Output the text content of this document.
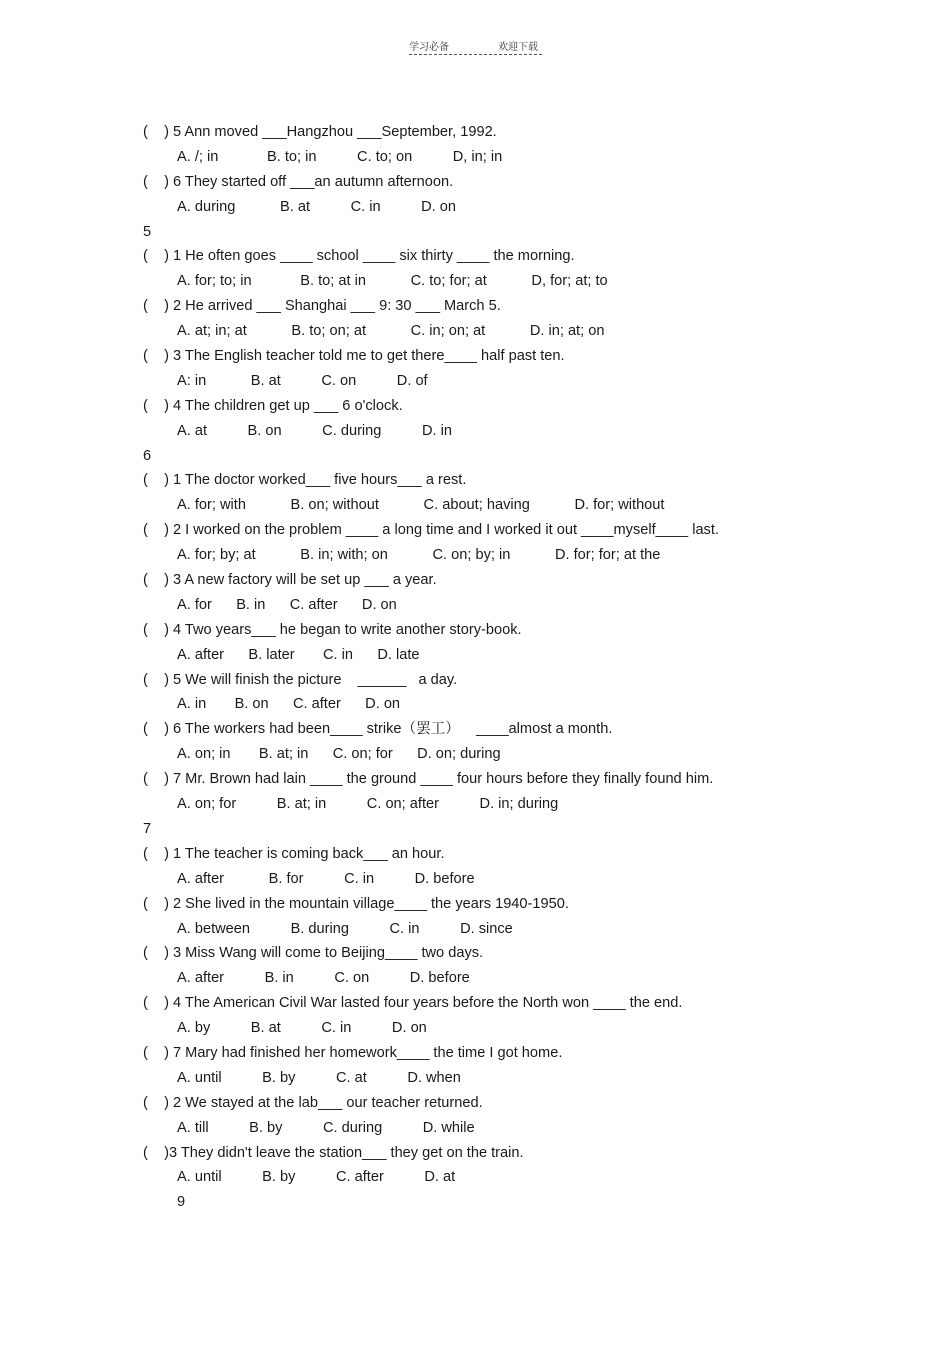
学习必备	欢迎下载
(    ) 5 Ann moved ___Hangzhou ___September, 1992.
A. /; in            B. to; in          C. to; on          D, in; in
(    ) 6 They started off ___an autumn afternoon.
A. during           B. at          C. in          D. on
5
(    ) 1 He often goes ____ school ____ six thirty ____ the morning.
A. for; to; in            B. to; at in           C. to; for; at           D, for; at; to
(    ) 2 He arrived ___ Shanghai ___ 9: 30 ___ March 5.
A. at; in; at           B. to; on; at           C. in; on; at           D. in; at; on
(    ) 3 The English teacher told me to get there____ half past ten.
A: in           B. at          C. on          D. of
(    ) 4 The children get up ___ 6 o'clock.
A. at          B. on          C. during          D. in
6
(    ) 1 The doctor worked___ five hours___ a rest.
A. for; with           B. on; without           C. about; having           D. for; without
(    ) 2 I worked on the problem ____ a long time and I worked it out ____myself____ last.
A. for; by; at           B. in; with; on           C. on; by; in           D. for; for; at the
(    ) 3 A new factory will be set up ___ a year.
A. for      B. in      C. after      D. on
(    ) 4 Two years___ he began to write another story-book.
A. after      B. later       C. in      D. late
(    ) 5 We will finish the picture    ______   a day.
A. in       B. on      C. after      D. on
(    ) 6 The workers had been____ strike（罢工）    ____almost a month.
A. on; in       B. at; in      C. on; for      D. on; during
(    ) 7 Mr. Brown had lain ____ the ground ____ four hours before they finally found him.
A. on; for          B. at; in          C. on; after          D. in; during
7
(    ) 1 The teacher is coming back___ an hour.
A. after           B. for          C. in          D. before
(    ) 2 She lived in the mountain village____ the years 1940-1950.
A. between          B. during          C. in          D. since
(    ) 3 Miss Wang will come to Beijing____ two days.
A. after          B. in          C. on          D. before
(    ) 4 The American Civil War lasted four years before the North won ____ the end.
A. by          B. at          C. in          D. on
(    ) 7 Mary had finished her homework____ the time I got home.
A. until          B. by          C. at          D. when
(    ) 2 We stayed at the lab___ our teacher returned.
A. till          B. by          C. during          D. while
(    )3 They didn't leave the station___ they get on the train.
A. until          B. by          C. after          D. at
9
